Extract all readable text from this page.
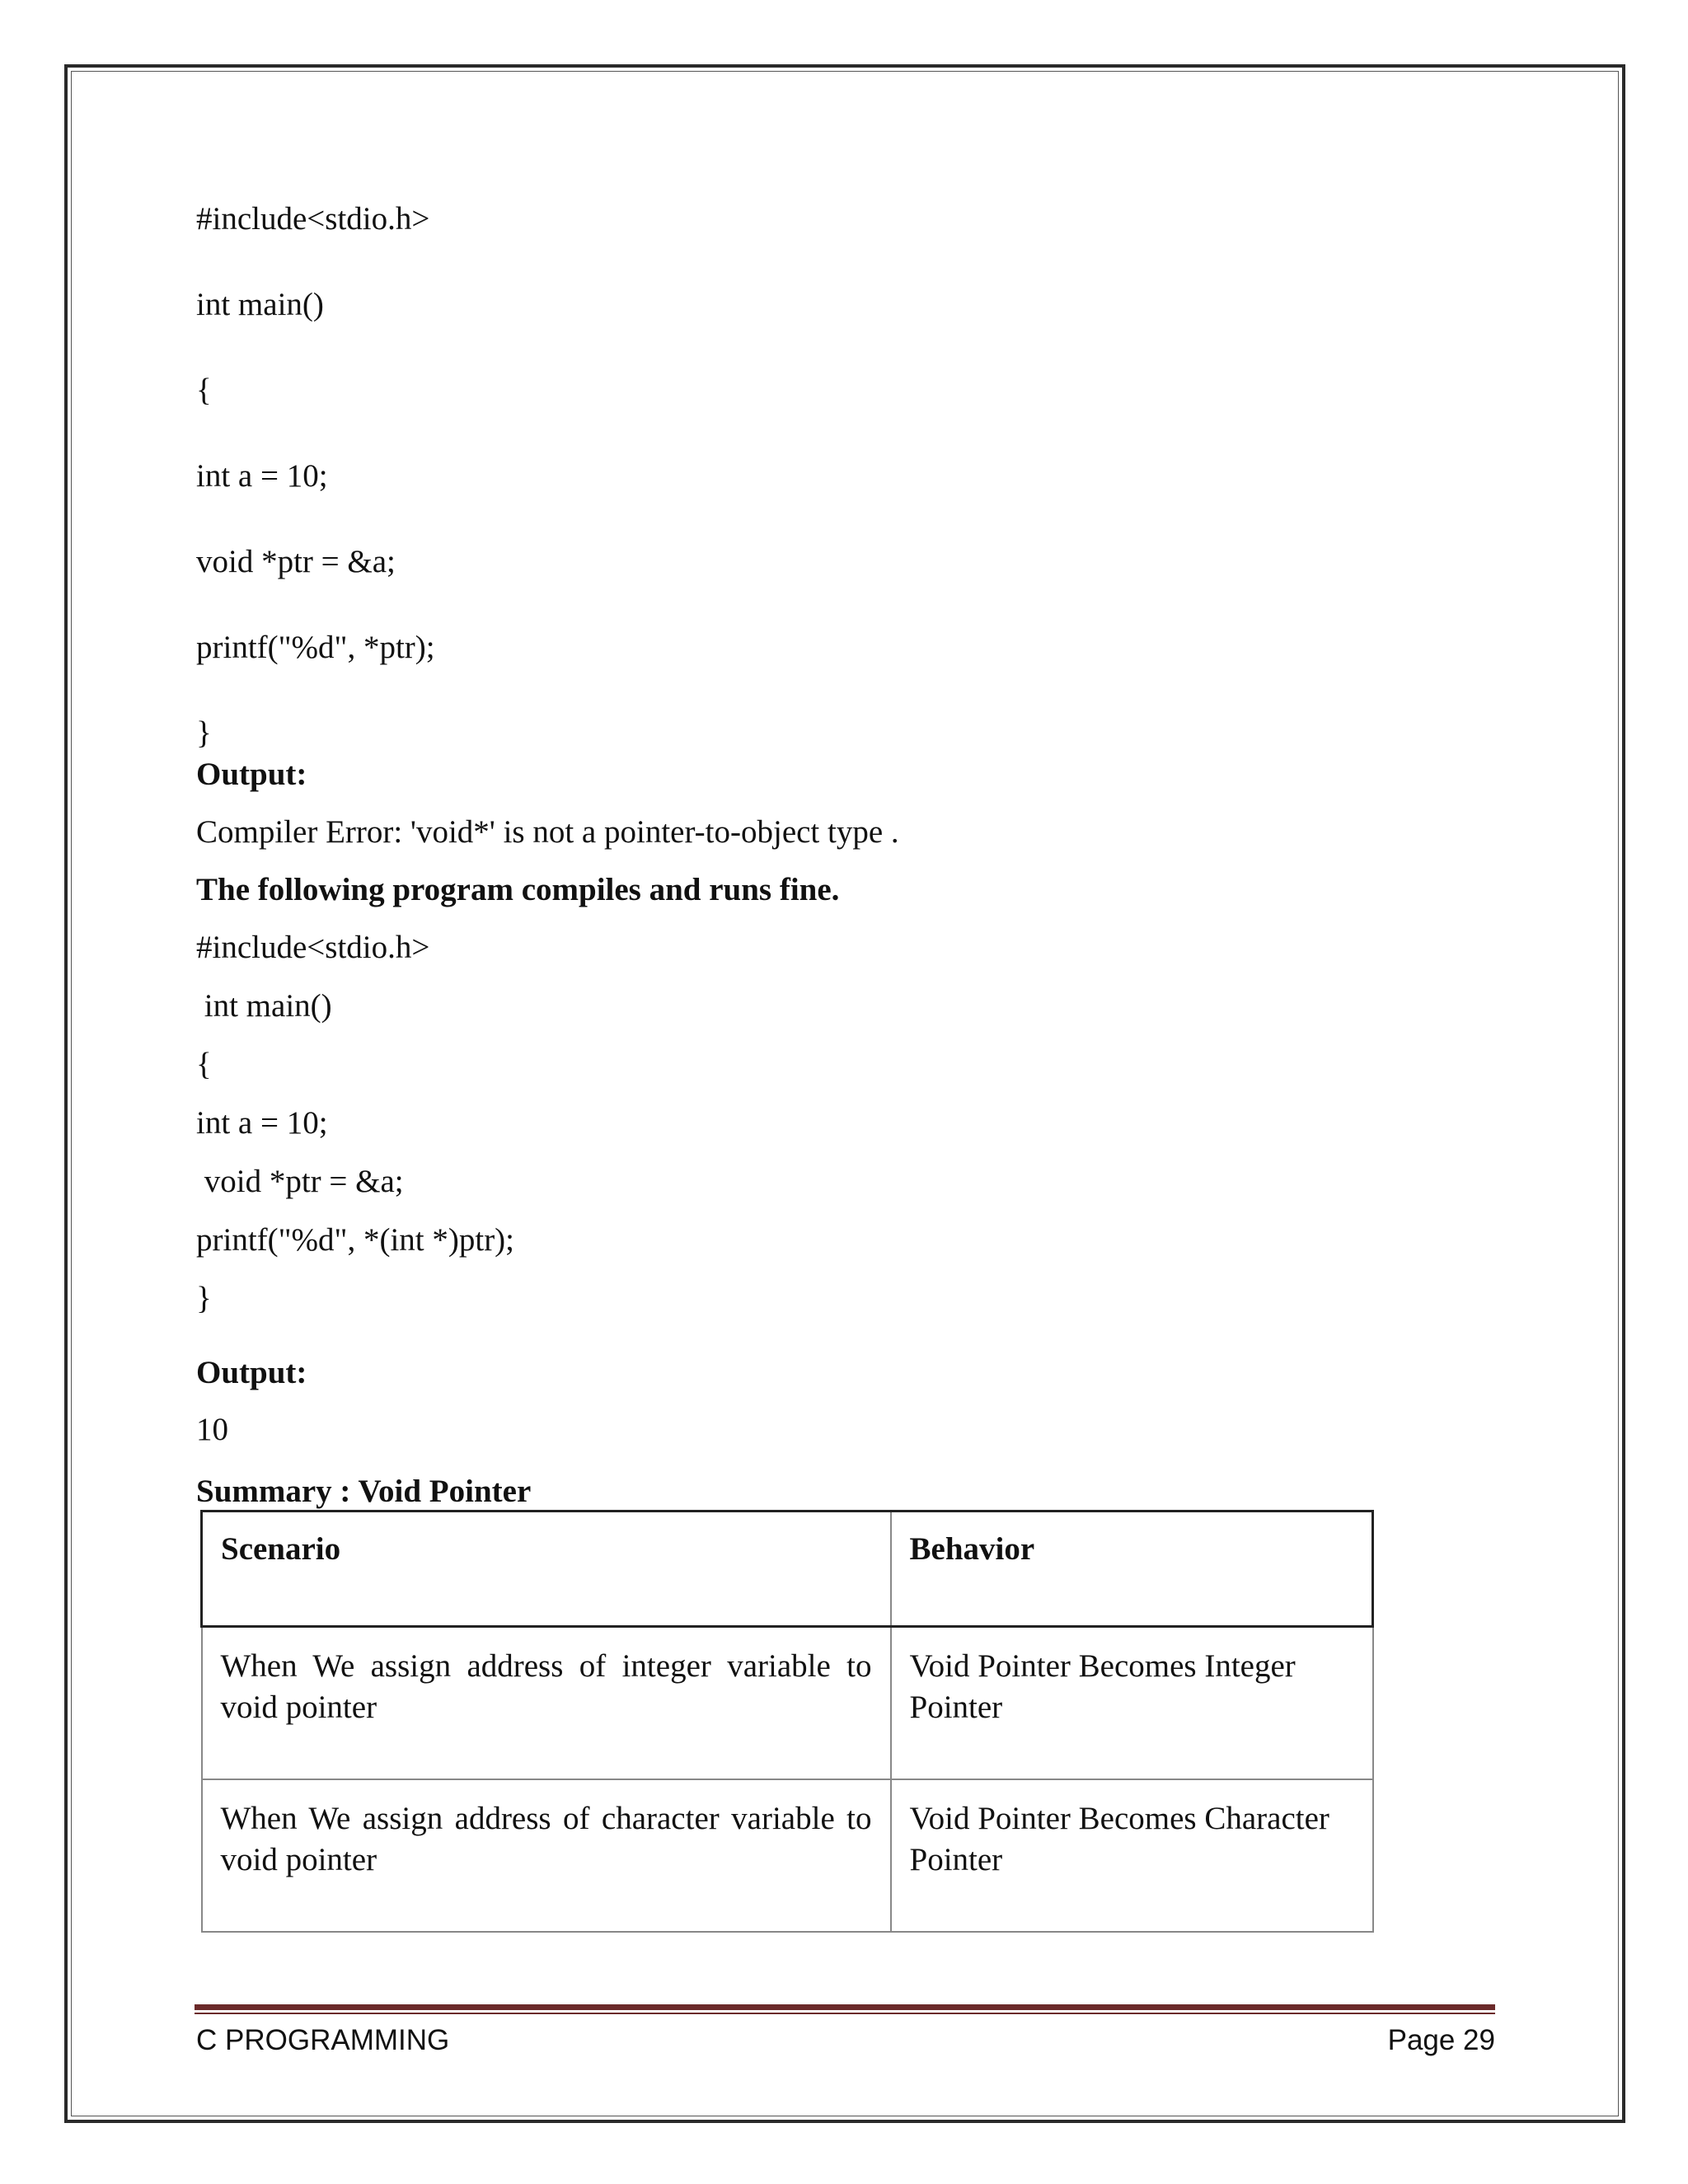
#include<stdio.h>
int main()
{
int a = 10;
void *ptr = &a;
printf("%d", *ptr);
}
Output:
Compiler Error: 'void*' is not a pointer-to-object type .
The following program compiles and runs fine.
#include<stdio.h>
int main()
{
int a = 10;
void *ptr = &a;
printf("%d", *(int *)ptr);
}
Output:
10
Summary : Void Pointer
Scenario	Behavior
When We assign address of integer variable to void pointer	Void Pointer Becomes Integer Pointer
When We assign address of character variable to void pointer	Void Pointer Becomes Character Pointer
C PROGRAMMING	Page 29
